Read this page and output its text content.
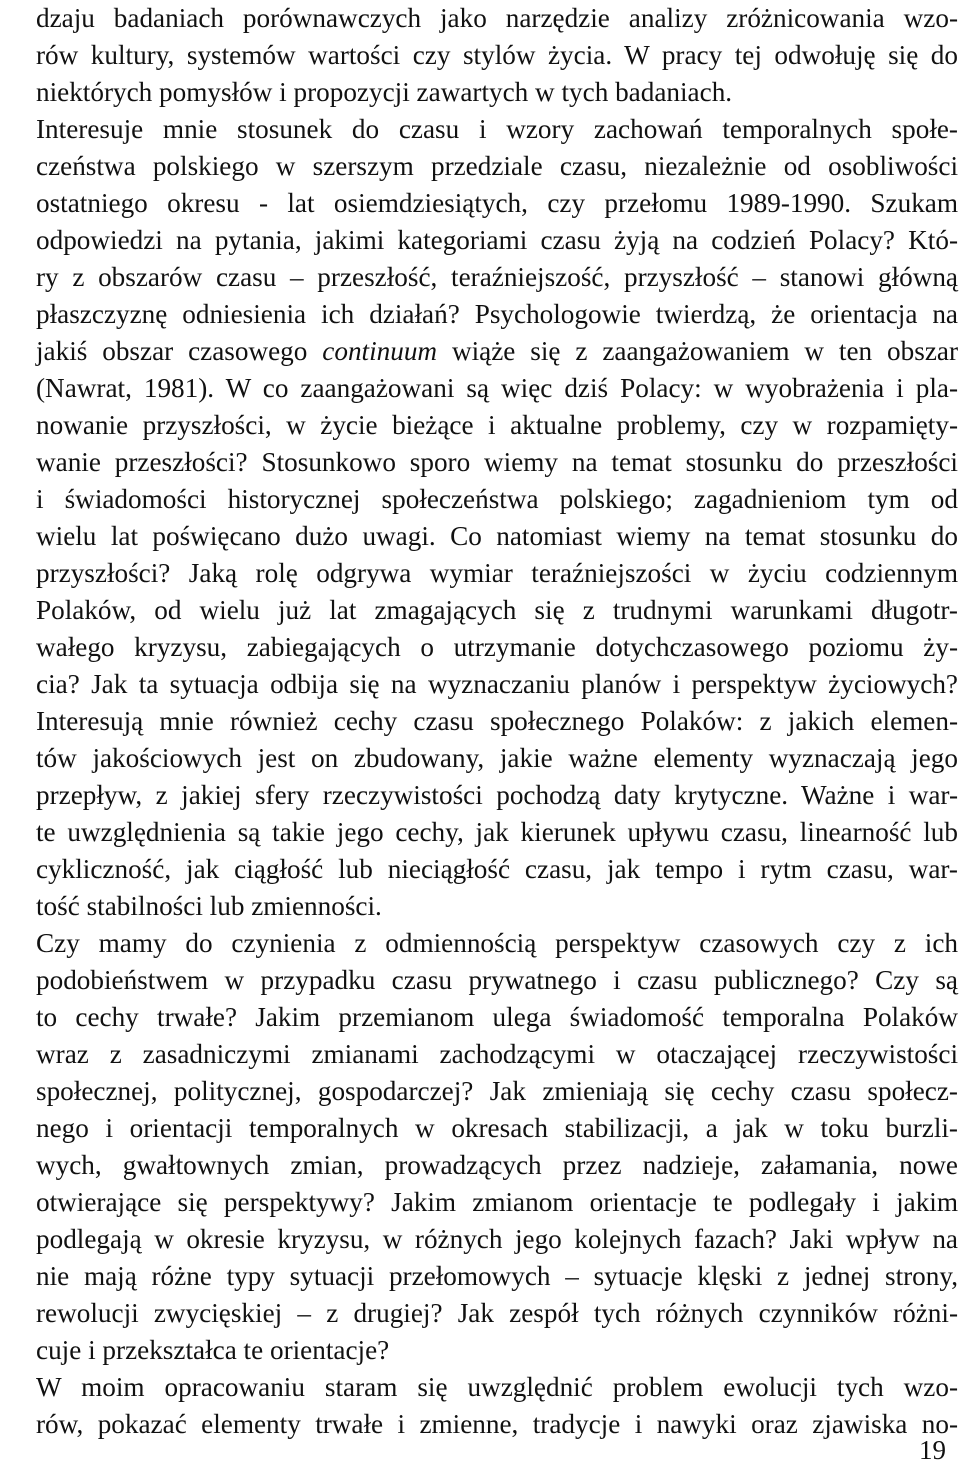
dzaju badaniach porównawczych jako narzędzie analizy zróżnicowania wzo-
rów kultury, systemów wartości czy stylów życia. W pracy tej odwołuję się do
niektórych pomysłów i propozycji zawartych w tych badaniach.
Interesuje mnie stosunek do czasu i wzory zachowań temporalnych społe-
czeństwa polskiego w szerszym przedziale czasu, niezależnie od osobliwości
ostatniego okresu - lat osiemdziesiątych, czy przełomu 1989-1990. Szukam
odpowiedzi na pytania, jakimi kategoriami czasu żyją na codzień Polacy? Któ-
ry z obszarów czasu – przeszłość, teraźniejszość, przyszłość – stanowi główną
płaszczyznę odniesienia ich działań? Psychologowie twierdzą, że orientacja na
jakiś obszar czasowego continuum wiąże się z zaangażowaniem w ten obszar
(Nawrat, 1981). W co zaangażowani są więc dziś Polacy: w wyobrażenia i pla-
nowanie przyszłości, w życie bieżące i aktualne problemy, czy w rozpamięty-
wanie przeszłości? Stosunkowo sporo wiemy na temat stosunku do przeszłości
i świadomości historycznej społeczeństwa polskiego; zagadnieniom tym od
wielu lat poświęcano dużo uwagi. Co natomiast wiemy na temat stosunku do
przyszłości? Jaką rolę odgrywa wymiar teraźniejszości w życiu codziennym
Polaków, od wielu już lat zmagających się z trudnymi warunkami długotr-
wałego kryzysu, zabiegających o utrzymanie dotychczasowego poziomu ży-
cia? Jak ta sytuacja odbija się na wyznaczaniu planów i perspektyw życiowych?
Interesują mnie również cechy czasu społecznego Polaków: z jakich elemen-
tów jakościowych jest on zbudowany, jakie ważne elementy wyznaczają jego
przepływ, z jakiej sfery rzeczywistości pochodzą daty krytyczne. Ważne i war-
te uwzględnienia są takie jego cechy, jak kierunek upływu czasu, linearność lub
cykliczność, jak ciągłość lub nieciągłość czasu, jak tempo i rytm czasu, war-
tość stabilności lub zmienności.
Czy mamy do czynienia z odmiennością perspektyw czasowych czy z ich
podobieństwem w przypadku czasu prywatnego i czasu publicznego? Czy są
to cechy trwałe? Jakim przemianom ulega świadomość temporalna Polaków
wraz z zasadniczymi zmianami zachodzącymi w otaczającej rzeczywistości
społecznej, politycznej, gospodarczej? Jak zmieniają się cechy czasu społecz-
nego i orientacji temporalnych w okresach stabilizacji, a jak w toku burzli-
wych, gwałtownych zmian, prowadzących przez nadzieje, załamania, nowe
otwierające się perspektywy? Jakim zmianom orientacje te podlegały i jakim
podlegają w okresie kryzysu, w różnych jego kolejnych fazach? Jaki wpływ na
nie mają różne typy sytuacji przełomowych – sytuacje klęski z jednej strony,
rewolucji zwycięskiej – z drugiej? Jak zespół tych różnych czynników różni-
cuje i przekształca te orientacje?
W moim opracowaniu staram się uwzględnić problem ewolucji tych wzo-
rów, pokazać elementy trwałe i zmienne, tradycje i nawyki oraz zjawiska no-
19
